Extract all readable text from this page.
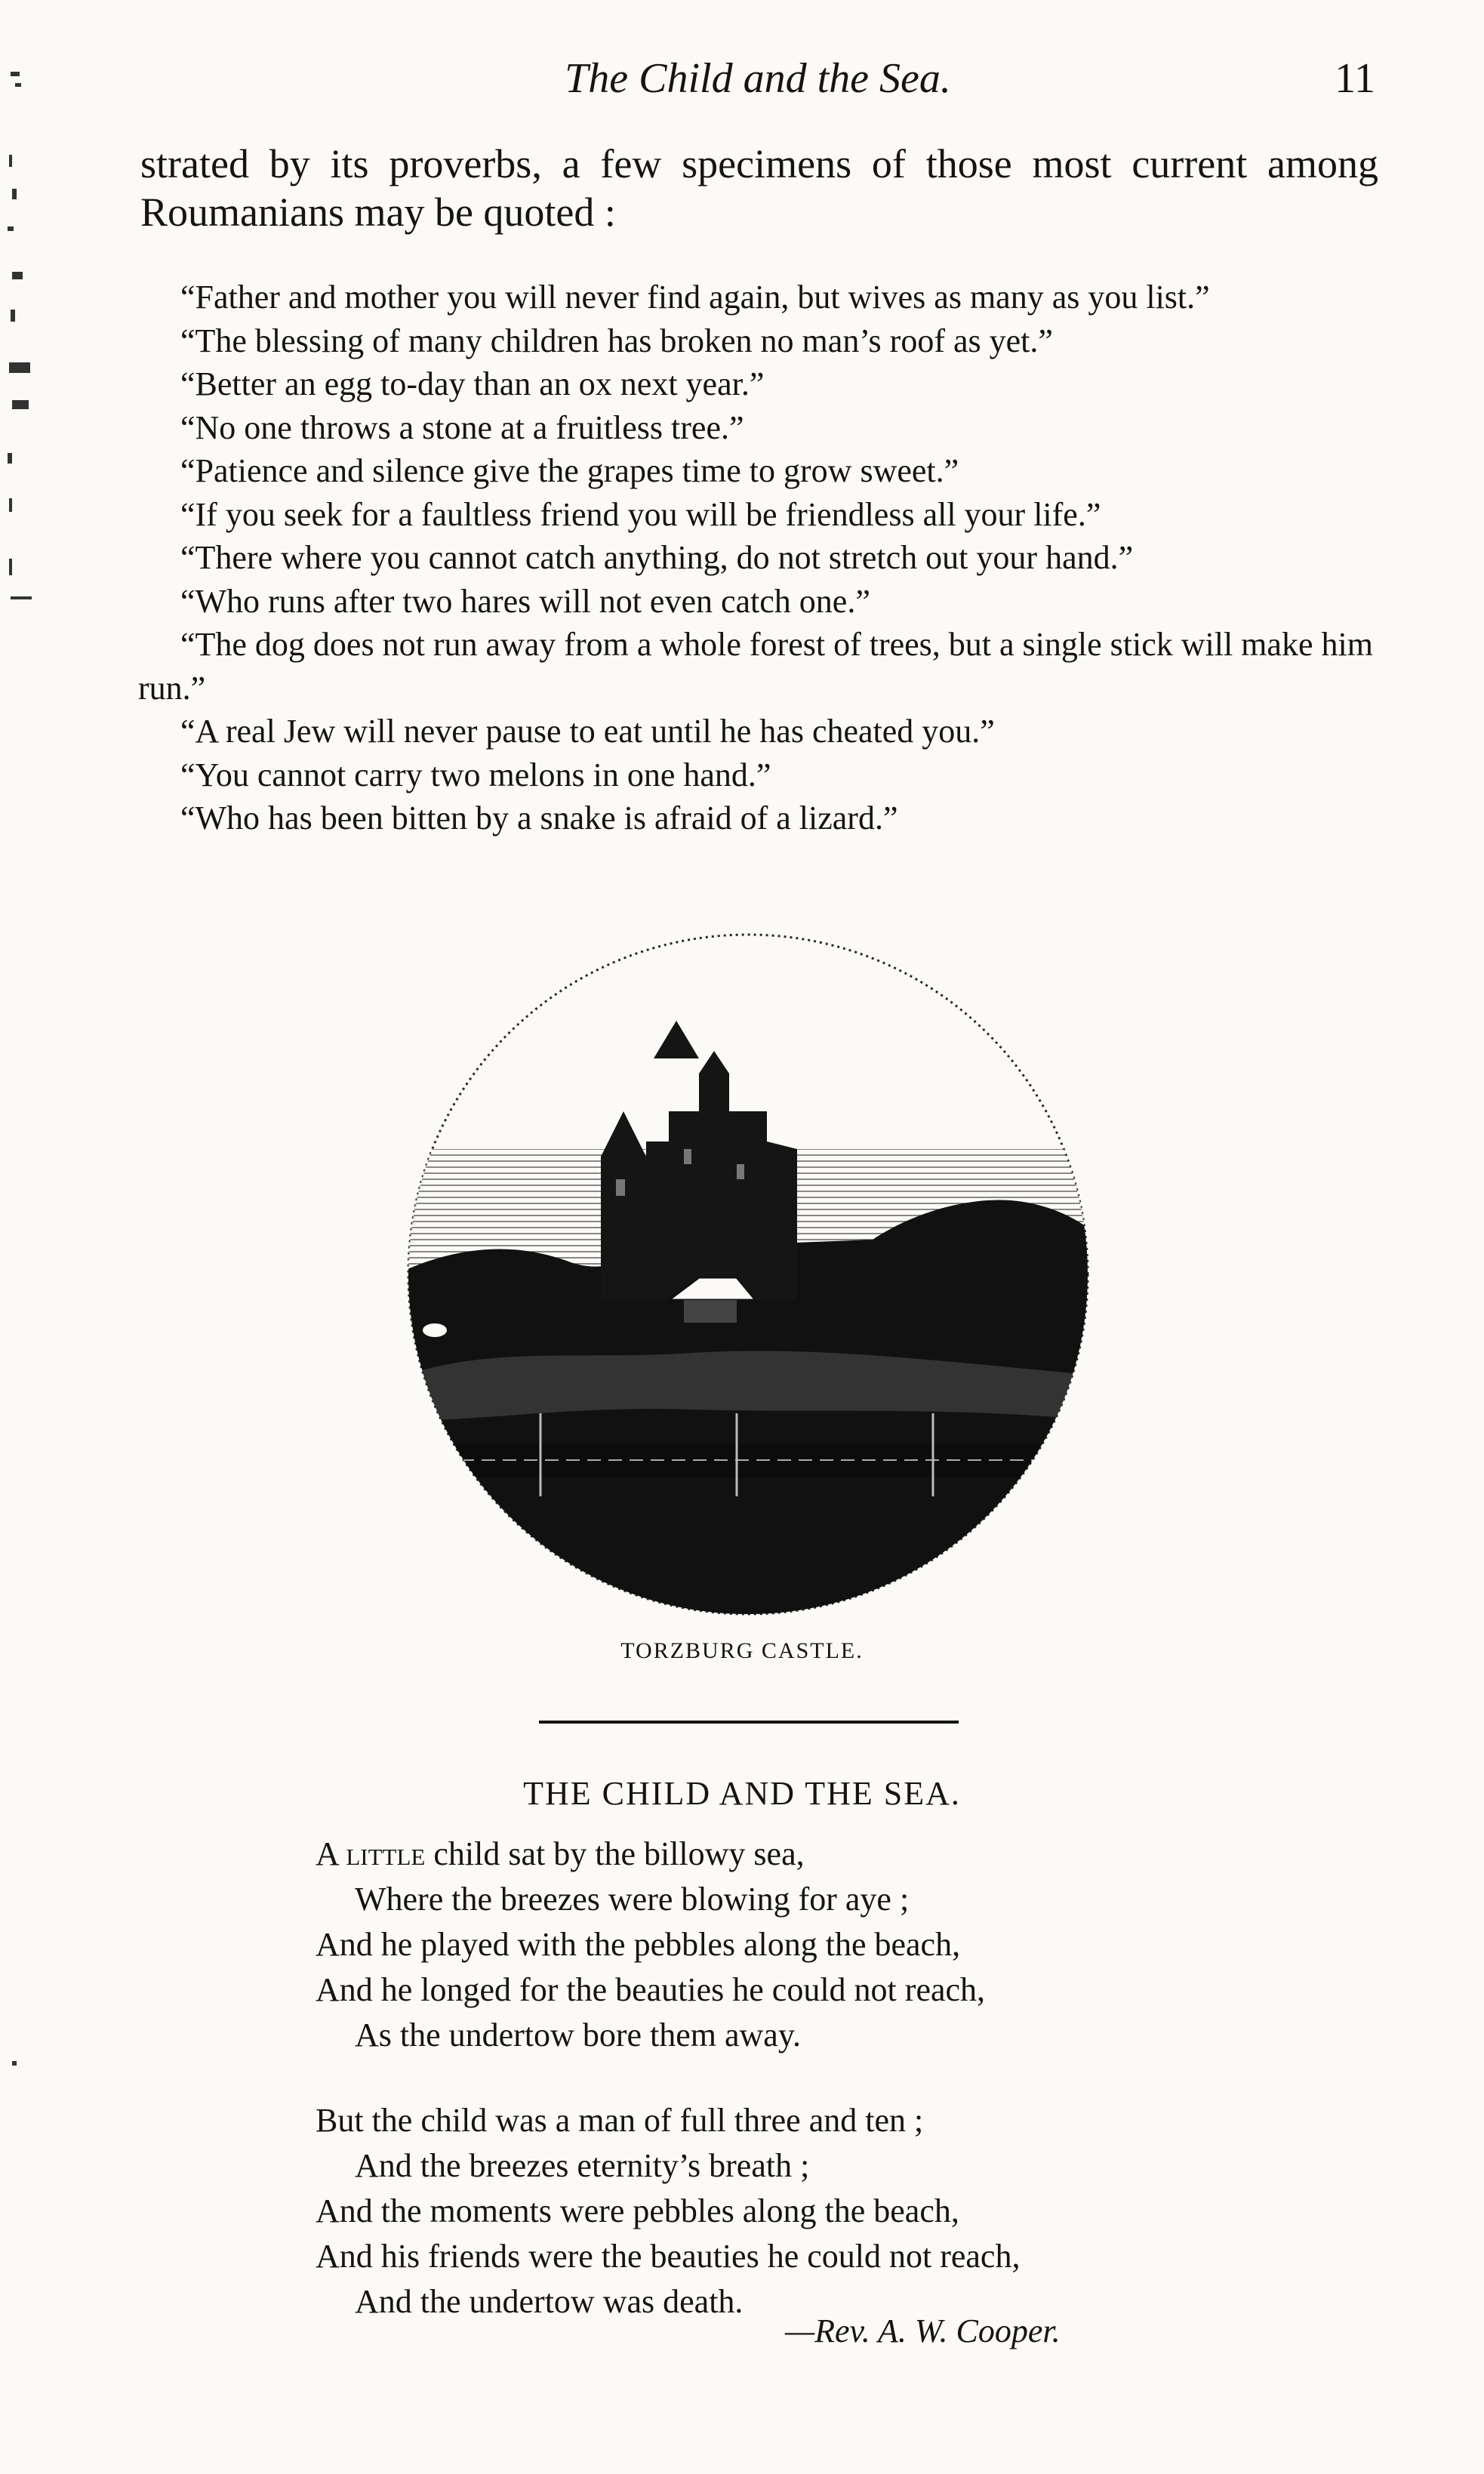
The Child and the Sea.	11
strated by its proverbs, a few specimens of those most current among Roumanians may be quoted :

“Father and mother you will never find again, but wives as many as you list.”

“The blessing of many children has broken no man’s roof as yet.”

“Better an egg to-day than an ox next year.”

“No one throws a stone at a fruitless tree.”

“Patience and silence give the grapes time to grow sweet.”

“If you seek for a faultless friend you will be friendless all your life.”

“There where you cannot catch anything, do not stretch out your hand.”

“Who runs after two hares will not even catch one.”

“The dog does not run away from a whole forest of trees, but a single stick will make him run.”

“A real Jew will never pause to eat until he has cheated you.”

“You cannot carry two melons in one hand.”

“Who has been bitten by a snake is afraid of a lizard.”

TORZBURG CASTLE.
THE CHILD AND THE SEA.
A little child sat by the billowy sea,
Where the breezes were blowing for aye ;
And he played with the pebbles along the beach,
And he longed for the beauties he could not reach,
As the undertow bore them away.
But the child was a man of full three and ten ;
And the breezes eternity’s breath ;
And the moments were pebbles along the beach,
And his friends were the beauties he could not reach,
And the undertow was death.
—Rev. A. W. Cooper.
